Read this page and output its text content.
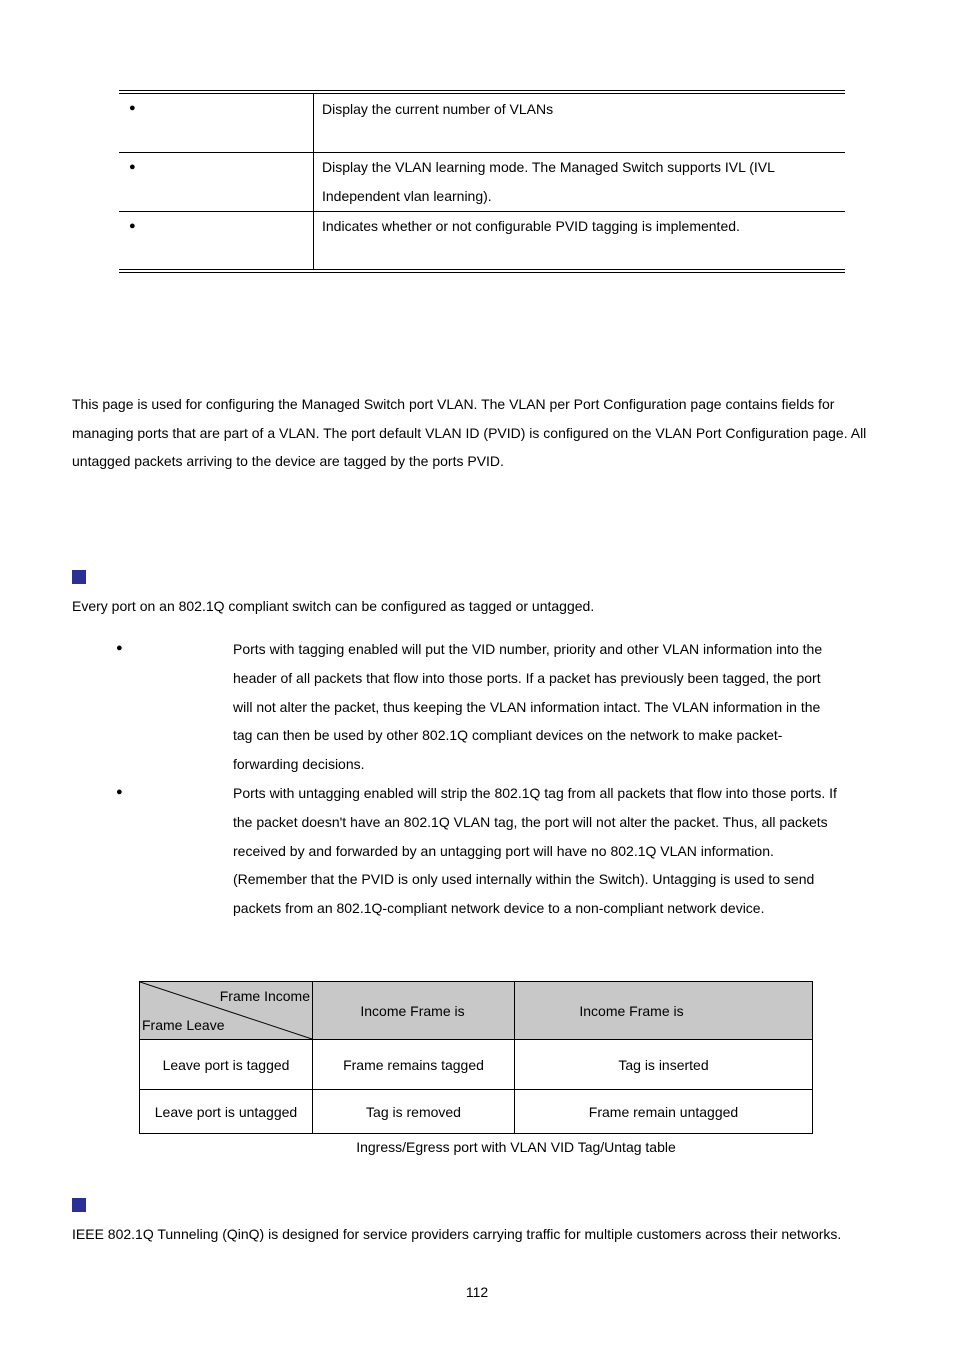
●	Display the current number of VLANs
●	Display the VLAN learning mode. The Managed Switch supports IVL (IVL Independent vlan learning).
●	Indicates whether or not configurable PVID tagging is implemented.
This page is used for configuring the Managed Switch port VLAN. The VLAN per Port Configuration page contains fields for managing ports that are part of a VLAN. The port default VLAN ID (PVID) is configured on the VLAN Port Configuration page. All untagged packets arriving to the device are tagged by the ports PVID.
Every port on an 802.1Q compliant switch can be configured as tagged or untagged.
●	Ports with tagging enabled will put the VID number, priority and other VLAN information into the header of all packets that flow into those ports. If a packet has previously been tagged, the port will not alter the packet, thus keeping the VLAN information intact. The VLAN information in the tag can then be used by other 802.1Q compliant devices on the network to make packet-forwarding decisions.
●	Ports with untagging enabled will strip the 802.1Q tag from all packets that flow into those ports. If the packet doesn't have an 802.1Q VLAN tag, the port will not alter the packet. Thus, all packets received by and forwarded by an untagging port will have no 802.1Q VLAN information. (Remember that the PVID is only used internally within the Switch). Untagging is used to send packets from an 802.1Q-compliant network device to a non-compliant network device.
Frame Income
Frame Leave	Income Frame is	Income Frame is
Leave port is tagged	Frame remains tagged	Tag is inserted
Leave port is untagged	Tag is removed	Frame remain untagged
Ingress/Egress port with VLAN VID Tag/Untag table
IEEE 802.1Q Tunneling (QinQ) is designed for service providers carrying traffic for multiple customers across their networks.
112
